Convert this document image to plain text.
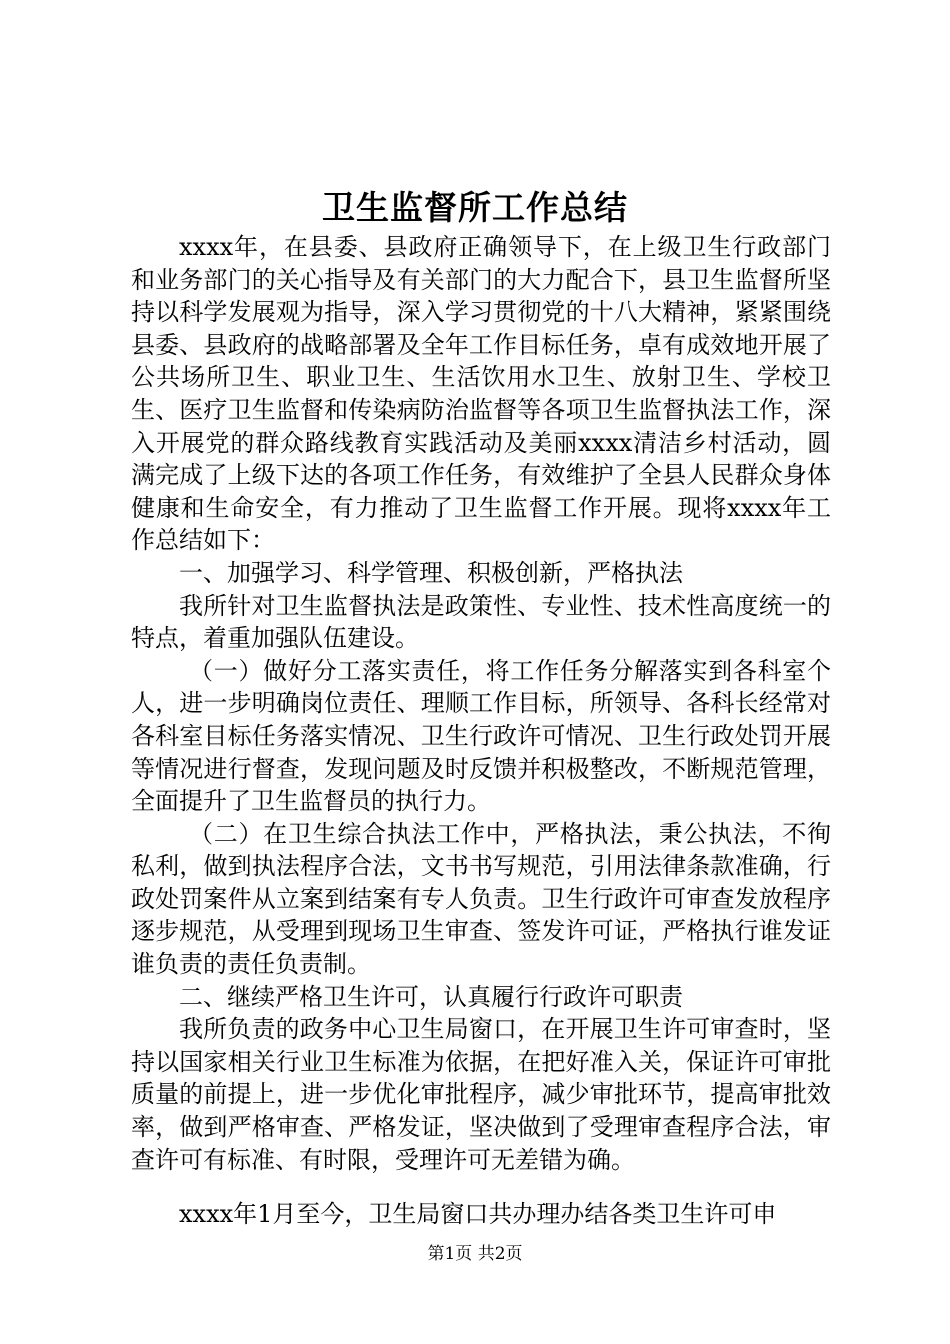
卫生监督所工作总结

xxxx年，在县委、县政府正确领导下，在上级卫生行政部门和业务部门的关心指导及有关部门的大力配合下，县卫生监督所坚持以科学发展观为指导，深入学习贯彻党的十八大精神，紧紧围绕县委、县政府的战略部署及全年工作目标任务，卓有成效地开展了公共场所卫生、职业卫生、生活饮用水卫生、放射卫生、学校卫生、医疗卫生监督和传染病防治监督等各项卫生监督执法工作，深入开展党的群众路线教育实践活动及美丽xxxx清洁乡村活动，圆满完成了上级下达的各项工作任务，有效维护了全县人民群众身体健康和生命安全，有力推动了卫生监督工作开展。现将xxxx年工作总结如下：

一、加强学习、科学管理、积极创新，严格执法

我所针对卫生监督执法是政策性、专业性、技术性高度统一的特点，着重加强队伍建设。

（一）做好分工落实责任，将工作任务分解落实到各科室个人，进一步明确岗位责任、理顺工作目标，所领导、各科长经常对各科室目标任务落实情况、卫生行政许可情况、卫生行政处罚开展等情况进行督查，发现问题及时反馈并积极整改，不断规范管理，全面提升了卫生监督员的执行力。

（二）在卫生综合执法工作中，严格执法，秉公执法，不徇私利，做到执法程序合法，文书书写规范，引用法律条款准确，行政处罚案件从立案到结案有专人负责。卫生行政许可审查发放程序逐步规范，从受理到现场卫生审查、签发许可证，严格执行谁发证谁负责的责任负责制。

二、继续严格卫生许可，认真履行行政许可职责

我所负责的政务中心卫生局窗口，在开展卫生许可审查时，坚持以国家相关行业卫生标准为依据，在把好准入关，保证许可审批质量的前提上，进一步优化审批程序，减少审批环节，提高审批效率，做到严格审查、严格发证，坚决做到了受理审查程序合法，审查许可有标准、有时限，受理许可无差错为确。

xxxx年1月至今，卫生局窗口共办理办结各类卫生许可申

第1页 共2页
